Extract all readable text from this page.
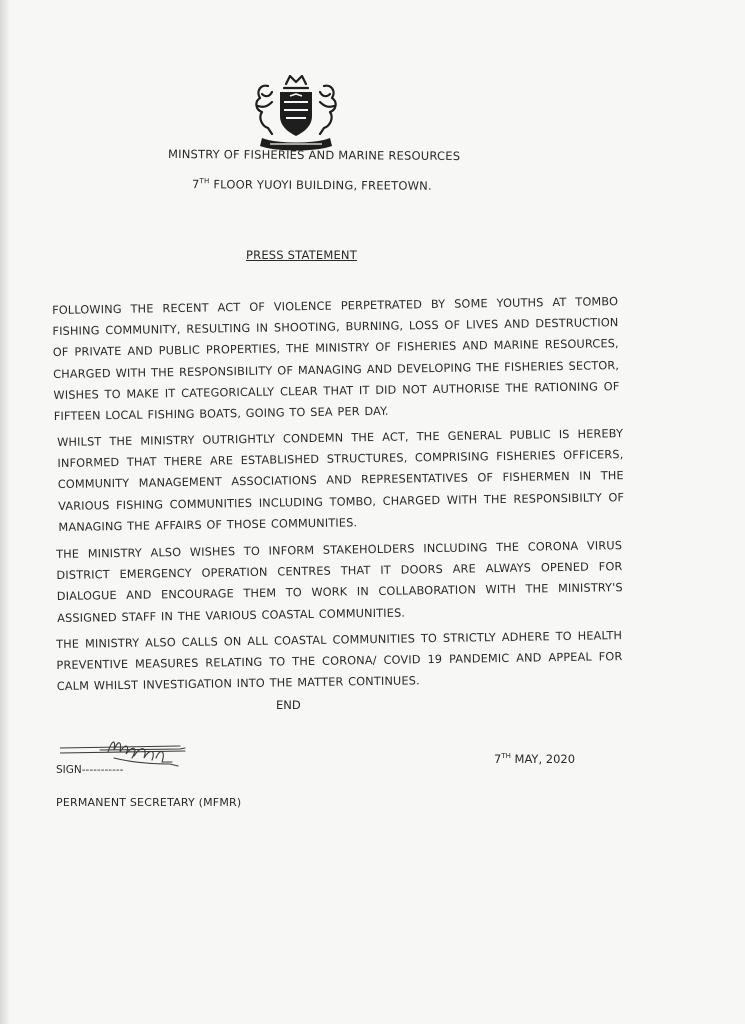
MINSTRY OF FISHERIES AND MARINE RESOURCES
7TH FLOOR YUOYI BUILDING, FREETOWN.
PRESS STATEMENT
FOLLOWING THE RECENT ACT OF VIOLENCE PERPETRATED BY SOME YOUTHS AT TOMBO FISHING COMMUNITY, RESULTING IN SHOOTING, BURNING, LOSS OF LIVES AND DESTRUCTION OF PRIVATE AND PUBLIC PROPERTIES, THE MINISTRY OF FISHERIES AND MARINE RESOURCES, CHARGED WITH THE RESPONSIBILITY OF MANAGING AND DEVELOPING THE FISHERIES SECTOR, WISHES TO MAKE IT CATEGORICALLY CLEAR THAT IT DID NOT AUTHORISE THE RATIONING OF FIFTEEN LOCAL FISHING BOATS, GOING TO SEA PER DAY.
WHILST THE MINISTRY OUTRIGHTLY CONDEMN THE ACT, THE GENERAL PUBLIC IS HEREBY INFORMED THAT THERE ARE ESTABLISHED STRUCTURES, COMPRISING FISHERIES OFFICERS, COMMUNITY MANAGEMENT ASSOCIATIONS AND REPRESENTATIVES OF FISHERMEN IN THE VARIOUS FISHING COMMUNITIES INCLUDING TOMBO, CHARGED WITH THE RESPONSIBILTY OF MANAGING THE AFFAIRS OF THOSE COMMUNITIES.
THE MINISTRY ALSO WISHES TO INFORM STAKEHOLDERS INCLUDING THE CORONA VIRUS DISTRICT EMERGENCY OPERATION CENTRES THAT IT DOORS ARE ALWAYS OPENED FOR DIALOGUE AND ENCOURAGE THEM TO WORK IN COLLABORATION WITH THE MINISTRY'S ASSIGNED STAFF IN THE VARIOUS COASTAL COMMUNITIES.
THE MINISTRY ALSO CALLS ON ALL COASTAL COMMUNITIES TO STRICTLY ADHERE TO HEALTH PREVENTIVE MEASURES RELATING TO THE CORONA/ COVID 19 PANDEMIC AND APPEAL FOR CALM WHILST INVESTIGATION INTO THE MATTER CONTINUES.
END
SIGN-----------
7TH MAY, 2020
PERMANENT SECRETARY (MFMR)
